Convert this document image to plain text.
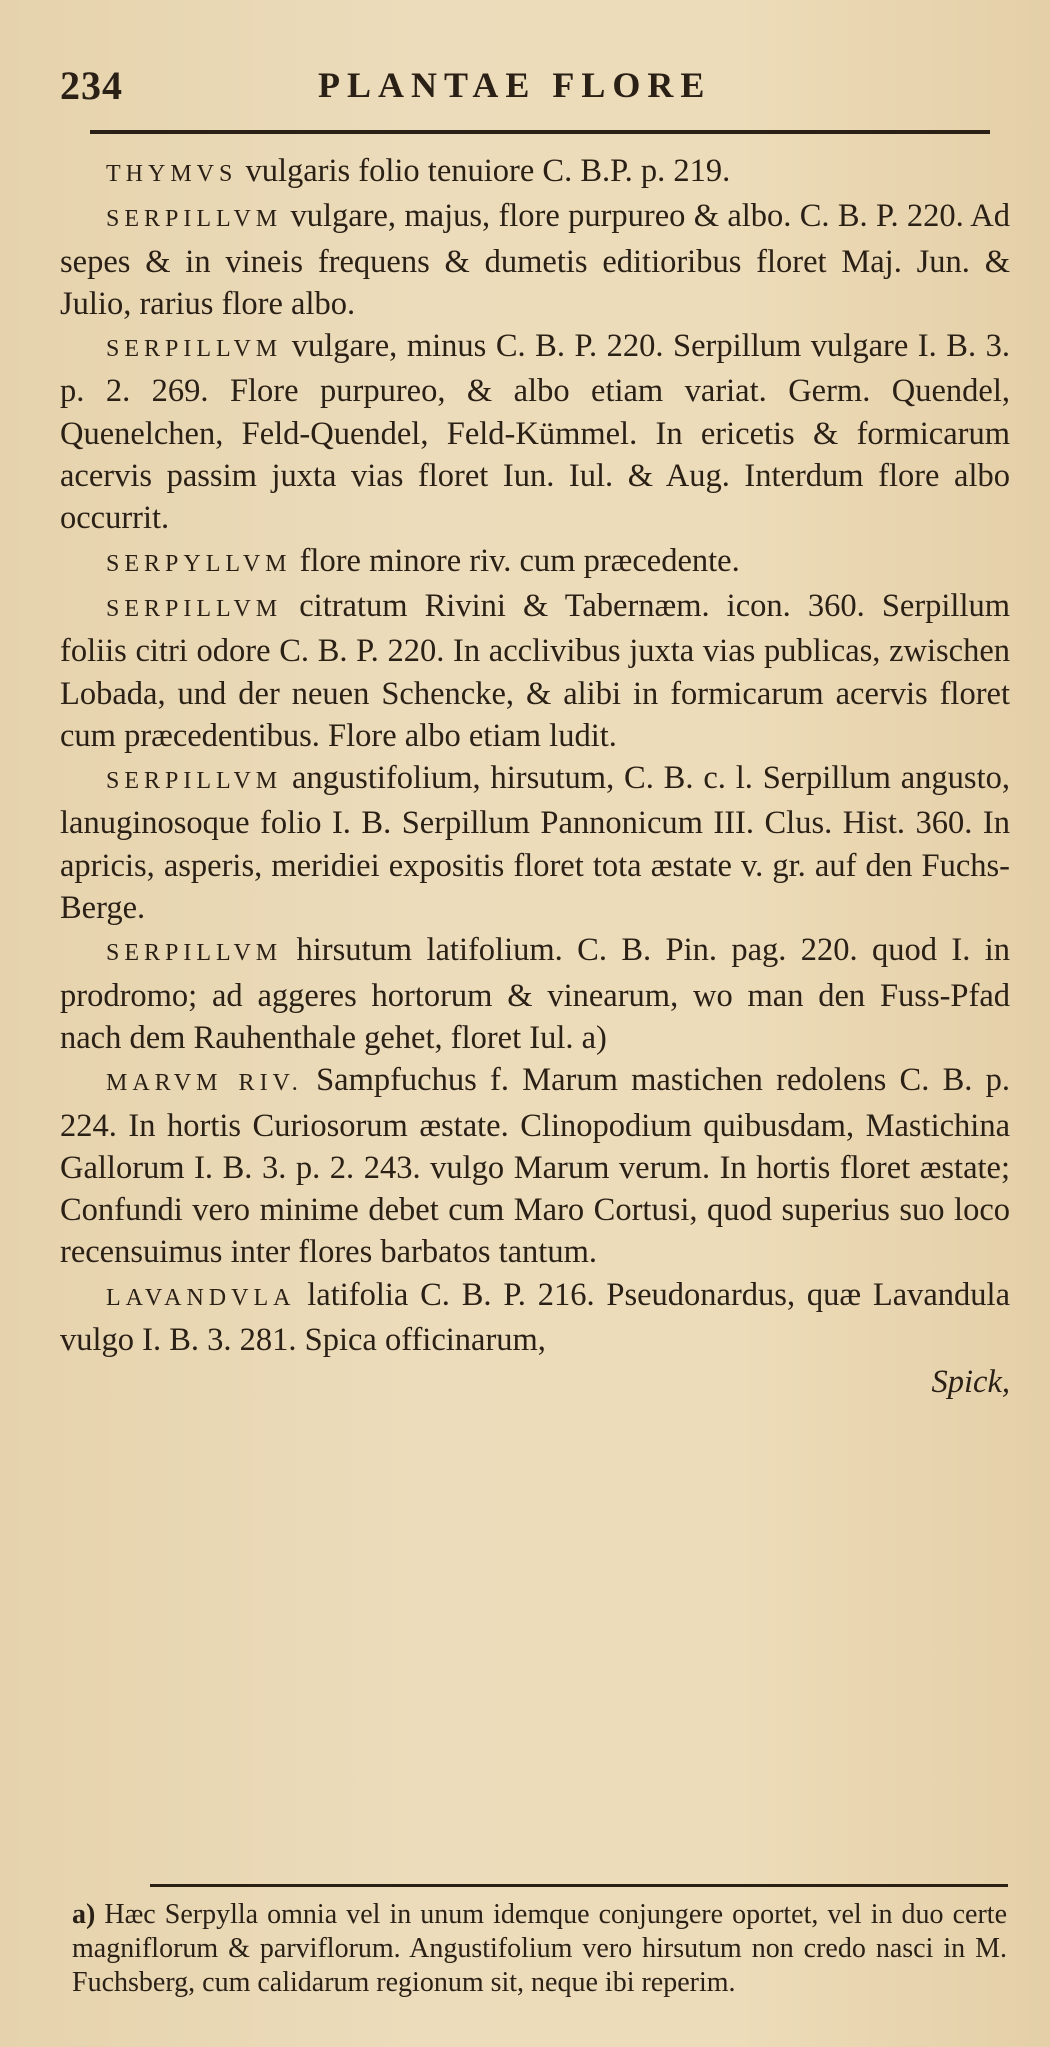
234	PLANTAE FLORE

THYMVS vulgaris folio tenuiore C. B.P. p. 219.

SERPILLVM vulgare, majus, flore purpureo & albo. C. B. P. 220. Ad sepes & in vineis frequens & dumetis editioribus floret Maj. Jun. & Julio, rarius flore albo.

SERPILLVM vulgare, minus C. B. P. 220. Serpillum vulgare I. B. 3. p. 2. 269. Flore purpureo, & albo etiam variat. Germ. Quendel, Quenelchen, Feld-Quendel, Feld-Kümmel. In ericetis & formicarum acervis passim juxta vias floret Iun. Iul. & Aug. Interdum flore albo occurrit.

SERPYLLVM flore minore riv. cum præcedente.

SERPILLVM citratum Rivini & Tabernæm. icon. 360. Serpillum foliis citri odore C. B. P. 220. In acclivibus juxta vias publicas, zwischen Lobada, und der neuen Schencke, & alibi in formicarum acervis floret cum præcedentibus. Flore albo etiam ludit.

SERPILLVM angustifolium, hirsutum, C. B. c. l. Serpillum angusto, lanuginosoque folio I. B. Serpillum Pannonicum III. Clus. Hist. 360. In apricis, asperis, meridiei expositis floret tota æstate v. gr. auf den Fuchs-Berge.

SERPILLVM hirsutum latifolium. C. B. Pin. pag. 220. quod I. in prodromo; ad aggeres hortorum & vinearum, wo man den Fuss-Pfad nach dem Rauhenthale gehet, floret Iul. a)

MARVM RIV. Sampfuchus f. Marum mastichen redolens C. B. p. 224. In hortis Curiosorum æstate. Clinopodium quibusdam, Mastichina Gallorum I. B. 3. p. 2. 243. vulgo Marum verum. In hortis floret æstate; Confundi vero minime debet cum Maro Cortusi, quod superius suo loco recensuimus inter flores barbatos tantum.

LAVANDVLA latifolia C. B. P. 216. Pseudonardus, quæ Lavandula vulgo I. B. 3. 281. Spica officinarum,

Spick,

a) Hæc Serpylla omnia vel in unum idemque conjungere oportet, vel in duo certe magniflorum & parviflorum. Angustifolium vero hirsutum non credo nasci in M. Fuchsberg, cum calidarum regionum sit, neque ibi reperim.
